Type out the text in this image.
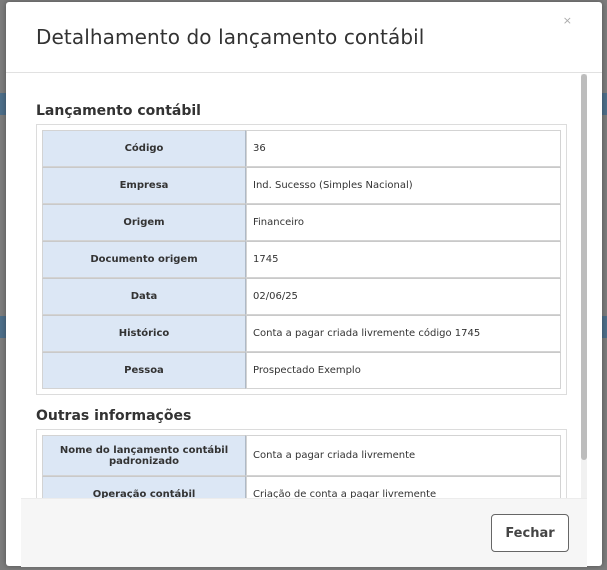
Detalhamento do lançamento contábil
×
Lançamento contábil
Código	36
Empresa	Ind. Sucesso (Simples Nacional)
Origem	Financeiro
Documento origem	1745
Data	02/06/25
Histórico	Conta a pagar criada livremente código 1745
Pessoa	Prospectado Exemplo
Outras informações
Nome do lançamento contábil padronizado	Conta a pagar criada livremente
Operação contábil	Criação de conta a pagar livremente
Fechar
